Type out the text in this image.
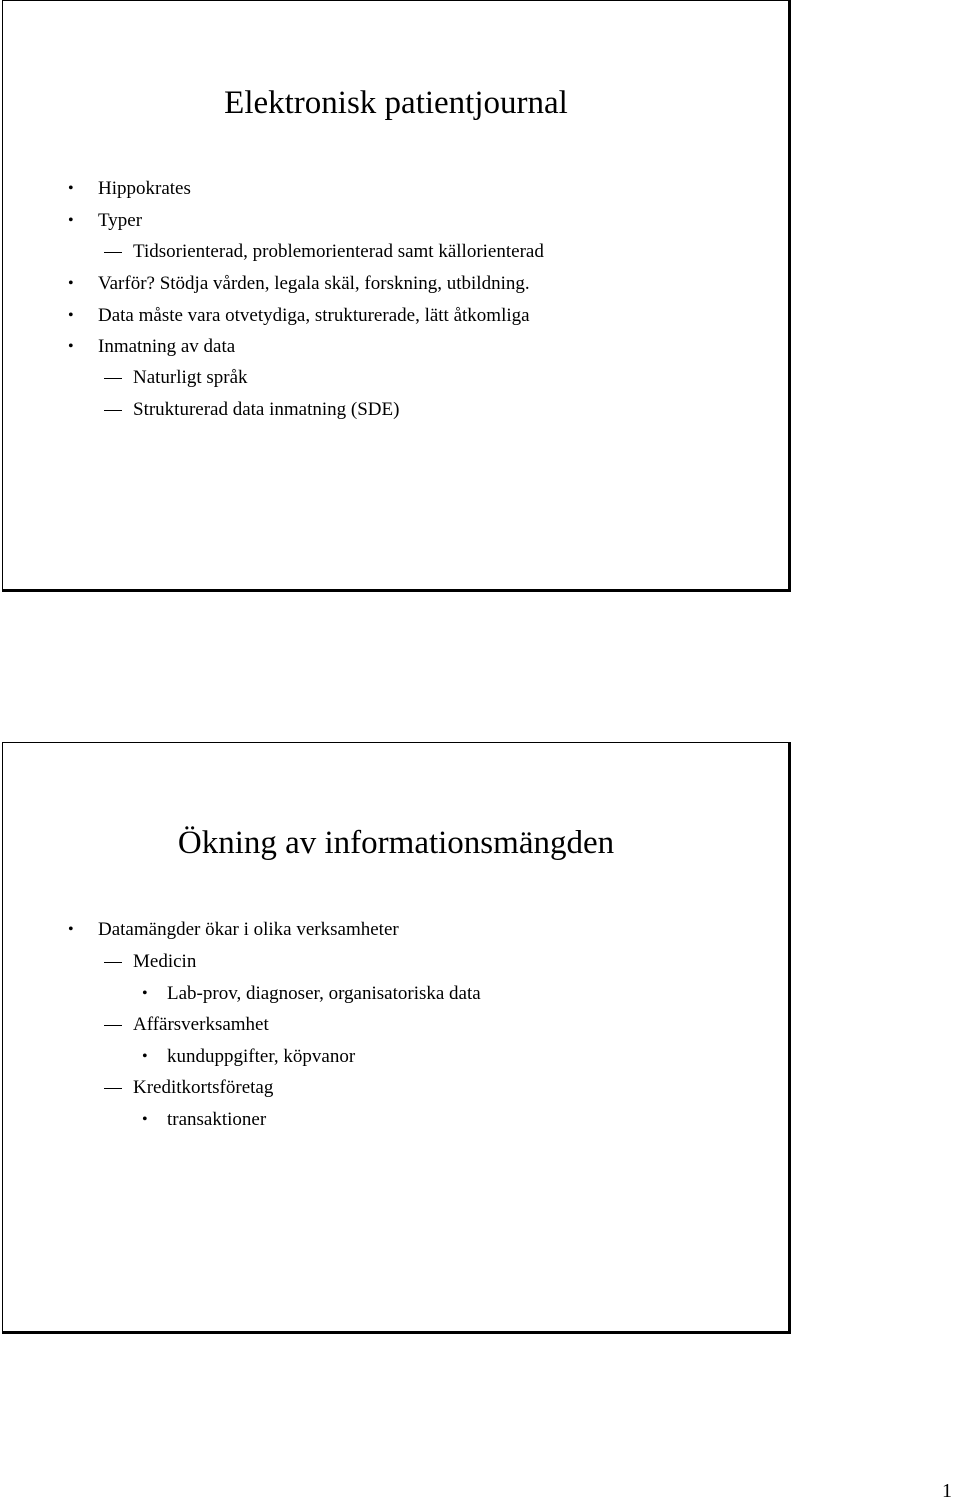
Elektronisk patientjournal
• Hippokrates
• Typer
Tidsorienterad, problemorienterad samt källorienterad
• Varför? Stödja vården, legala skäl, forskning, utbildning.
• Data måste vara otvetydiga, strukturerade, lätt åtkomliga
• Inmatning av data
Naturligt språk
Strukturerad data inmatning (SDE)
Ökning av informationsmängden
• Datamängder ökar i olika verksamheter
Medicin
• Lab-prov, diagnoser, organisatoriska data
Affärsverksamhet
• kunduppgifter, köpvanor
Kreditkortsföretag
• transaktioner
1
